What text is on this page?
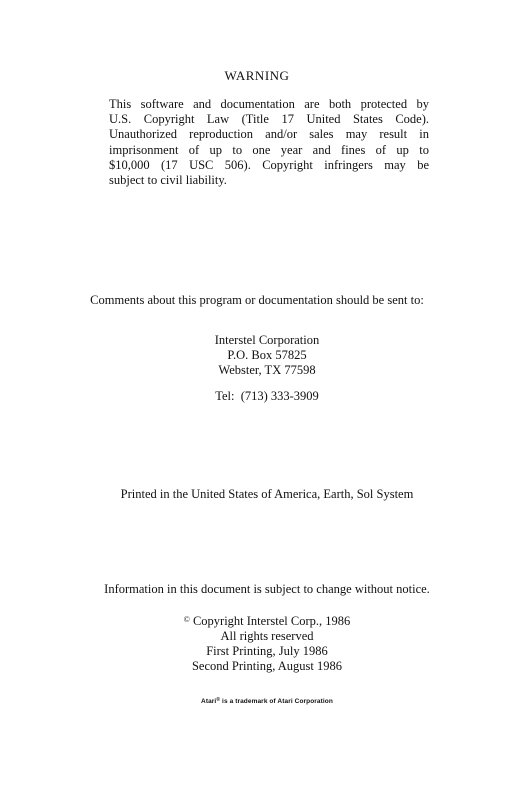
WARNING
This software and documentation are both protected by
U.S. Copyright Law (Title 17 United States Code).
Unauthorized reproduction and/or sales may result in
imprisonment of up to one year and fines of up to
$10,000 (17 USC 506). Copyright infringers may be
subject to civil liability.
Comments about this program or documentation should be sent to:
Interstel Corporation
P.O. Box 57825
Webster, TX 77598
Tel:  (713) 333-3909
Printed in the United States of America, Earth, Sol System
Information in this document is subject to change without notice.
© Copyright Interstel Corp., 1986
All rights reserved
First Printing, July 1986
Second Printing, August 1986
Atari® is a trademark of Atari Corporation
